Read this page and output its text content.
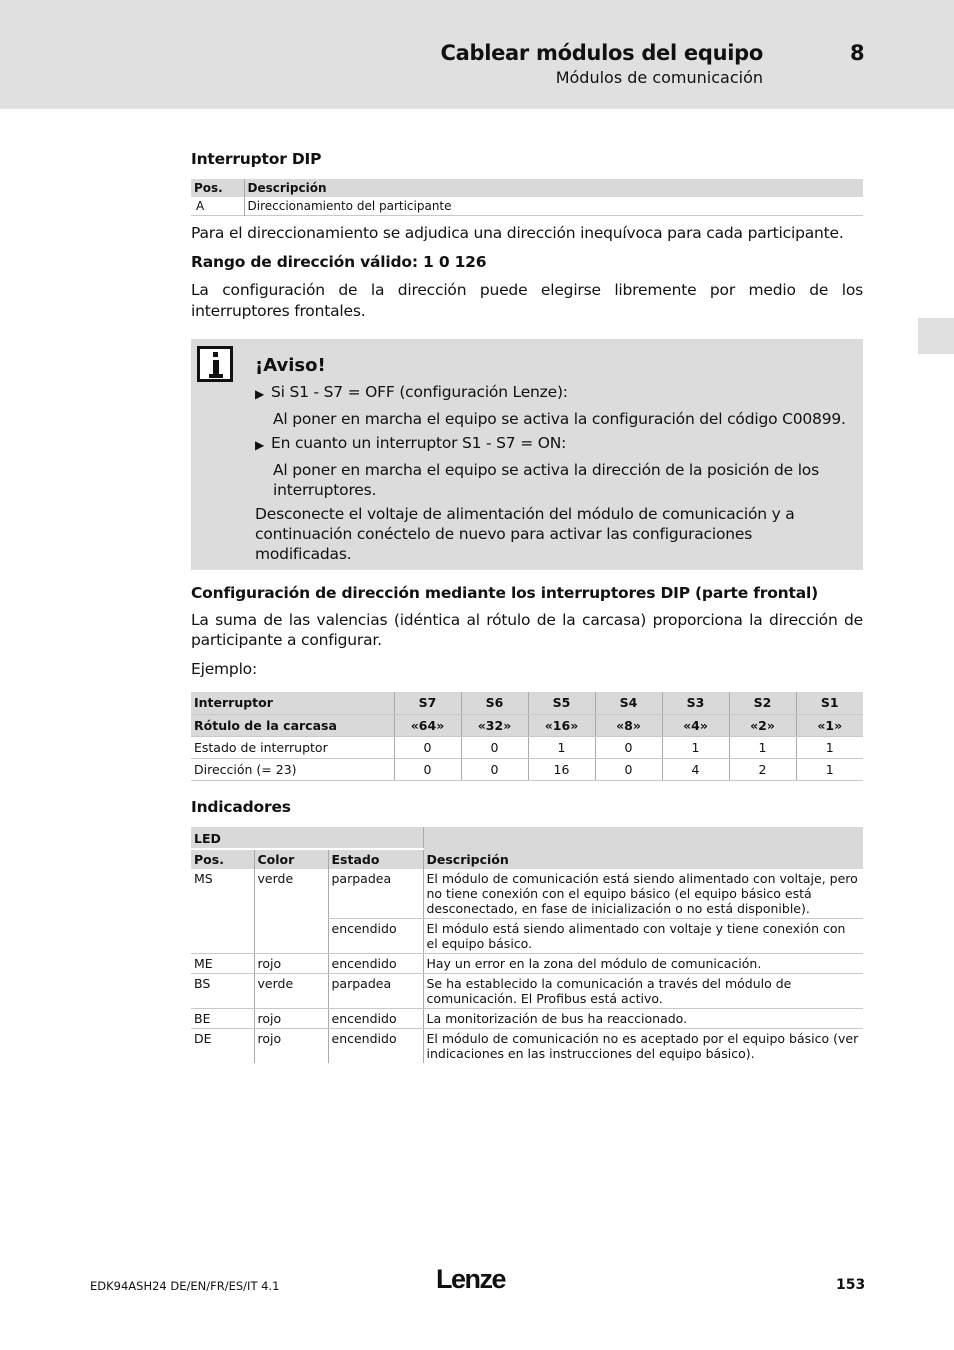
Cablear módulos del equipo	8
Módulos de comunicación
Interruptor DIP
Pos.	Descripción
A	Direccionamiento del participante
Para el direccionamiento se adjudica una dirección inequívoca para cada participante.
Rango de dirección válido: 1 0 126
La configuración de la dirección puede elegirse libremente por medio de los interruptores frontales.
¡Aviso!
▶ Si S1 - S7 = OFF (configuración Lenze):
Al poner en marcha el equipo se activa la configuración del código C00899.
▶ En cuanto un interruptor S1 - S7 = ON:
Al poner en marcha el equipo se activa la dirección de la posición de los interruptores.
Desconecte el voltaje de alimentación del módulo de comunicación y a continuación conéctelo de nuevo para activar las configuraciones modificadas.
Configuración de dirección mediante los interruptores DIP (parte frontal)
La suma de las valencias (idéntica al rótulo de la carcasa) proporciona la dirección de participante a configurar.
Ejemplo:
Interruptor	S7	S6	S5	S4	S3	S2	S1
Rótulo de la carcasa	«64»	«32»	«16»	«8»	«4»	«2»	«1»
Estado de interruptor	0	0	1	0	1	1	1
Dirección (= 23)	0	0	16	0	4	2	1
Indicadores
LED			Descripción
Pos.	Color	Estado	
MS	verde	parpadea	El módulo de comunicación está siendo alimentado con voltaje, pero no tiene conexión con el equipo básico (el equipo básico está desconectado, en fase de inicialización o no está disponible).
		encendido	El módulo está siendo alimentado con voltaje y tiene conexión con el equipo básico.
ME	rojo	encendido	Hay un error en la zona del módulo de comunicación.
BS	verde	parpadea	Se ha establecido la comunicación a través del módulo de comunicación. El Profibus está activo.
BE	rojo	encendido	La monitorización de bus ha reaccionado.
DE	rojo	encendido	El módulo de comunicación no es aceptado por el equipo básico (ver indicaciones en las instrucciones del equipo básico).
EDK94ASH24 DE/EN/FR/ES/IT 4.1	Lenze	153
